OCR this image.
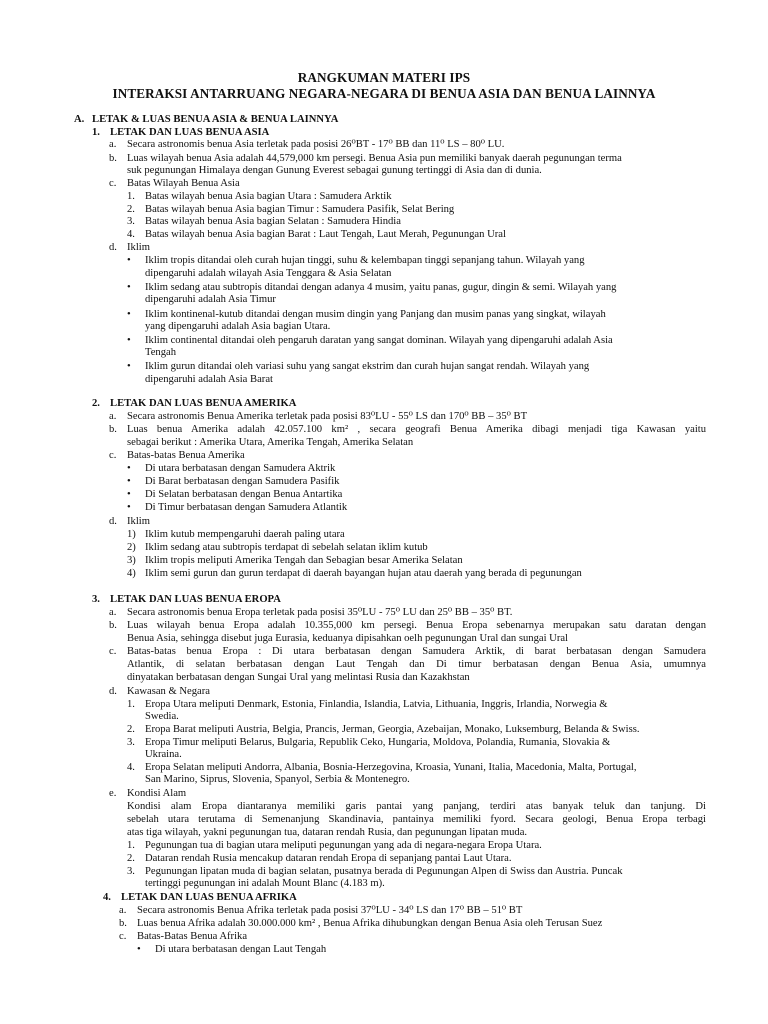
RANGKUMAN MATERI IPS
INTERAKSI ANTARRUANG NEGARA-NEGARA DI BENUA ASIA DAN BENUA LAINNYA
A. LETAK & LUAS BENUA ASIA & BENUA LAINNYA
1. LETAK DAN LUAS BENUA ASIA
a. Secara astronomis benua Asia terletak pada posisi 26⁰BT - 17⁰ BB dan 11⁰ LS – 80⁰ LU.
b. Luas wilayah benua Asia adalah 44,579,000 km persegi. Benua Asia pun memiliki banyak daerah pegunungan terma
suk pegunungan Himalaya dengan Gunung Everest sebagai gunung tertinggi di Asia dan di dunia.
c. Batas Wilayah Benua Asia
1. Batas wilayah benua Asia bagian Utara : Samudera Arktik
2. Batas wilayah benua Asia bagian Timur : Samudera Pasifik, Selat Bering
3. Batas wilayah benua Asia bagian Selatan : Samudera Hindia
4. Batas wilayah benua Asia bagian Barat : Laut Tengah, Laut Merah, Pegunungan Ural
d. Iklim
• Iklim tropis ditandai oleh curah hujan tinggi, suhu & kelembapan tinggi sepanjang tahun. Wilayah yang
dipengaruhi adalah wilayah Asia Tenggara & Asia Selatan
• Iklim sedang atau subtropis ditandai dengan adanya 4 musim, yaitu panas, gugur, dingin & semi. Wilayah yang
dipengaruhi adalah Asia Timur
• Iklim kontinenal-kutub ditandai dengan musim dingin yang Panjang dan musim panas yang singkat, wilayah
yang dipengaruhi adalah Asia bagian Utara.
• Iklim continental ditandai oleh pengaruh daratan yang sangat dominan. Wilayah yang dipengaruhi adalah Asia
Tengah
• Iklim gurun ditandai oleh variasi suhu yang sangat ekstrim dan curah hujan sangat rendah. Wilayah yang
dipengaruhi adalah Asia Barat
2. LETAK DAN LUAS BENUA AMERIKA
a. Secara astronomis Benua Amerika terletak pada posisi 83⁰LU - 55⁰ LS dan 170⁰ BB – 35⁰ BT
b. Luas benua Amerika adalah 42.057.100 km² , secara geografi Benua Amerika dibagi menjadi tiga Kawasan yaitu
sebagai berikut : Amerika Utara, Amerika Tengah, Amerika Selatan
c. Batas-batas Benua Amerika
• Di utara berbatasan dengan Samudera Aktrik
• Di Barat berbatasan dengan Samudera Pasifik
• Di Selatan berbatasan dengan Benua Antartika
• Di Timur berbatasan dengan Samudera Atlantik
d. Iklim
1) Iklim kutub mempengaruhi daerah paling utara
2) Iklim sedang atau subtropis terdapat di sebelah selatan iklim kutub
3) Iklim tropis meliputi Amerika Tengah dan Sebagian besar Amerika Selatan
4) Iklim semi gurun dan gurun terdapat di daerah bayangan hujan atau daerah yang berada di pegunungan
3. LETAK DAN LUAS BENUA EROPA
a. Secara astronomis benua Eropa terletak pada posisi 35⁰LU - 75⁰ LU dan 25⁰ BB – 35⁰ BT.
b. Luas wilayah benua Eropa adalah 10.355,000 km persegi. Benua Eropa sebenarnya merupakan satu daratan dengan
Benua Asia, sehingga disebut juga Eurasia, keduanya dipisahkan oelh pegunungan Ural dan sungai Ural
c. Batas-batas benua Eropa : Di utara berbatasan dengan Samudera Arktik, di barat berbatasan dengan Samudera
Atlantik, di selatan berbatasan dengan Laut Tengah dan Di timur berbatasan dengan Benua Asia, umumnya
dinyatakan berbatasan dengan Sungai Ural yang melintasi Rusia dan Kazakhstan
d. Kawasan & Negara
1. Eropa Utara meliputi Denmark, Estonia, Finlandia, Islandia, Latvia, Lithuania, Inggris, Irlandia, Norwegia &
Swedia.
2. Eropa Barat meliputi Austria, Belgia, Prancis, Jerman, Georgia, Azebaijan, Monako, Luksemburg, Belanda & Swiss.
3. Eropa Timur meliputi Belarus, Bulgaria, Republik Ceko, Hungaria, Moldova, Polandia, Rumania, Slovakia &
Ukraina.
4. Eropa Selatan meliputi Andorra, Albania, Bosnia-Herzegovina, Kroasia, Yunani, Italia, Macedonia, Malta, Portugal,
San Marino, Siprus, Slovenia, Spanyol, Serbia & Montenegro.
e. Kondisi Alam
Kondisi alam Eropa diantaranya memiliki garis pantai yang panjang, terdiri atas banyak teluk dan tanjung. Di
sebelah utara terutama di Semenanjung Skandinavia, pantainya memiliki fyord. Secara geologi, Benua Eropa terbagi
atas tiga wilayah, yakni pegunungan tua, dataran rendah Rusia, dan pegunungan lipatan muda.
1. Pegunungan tua di bagian utara meliputi pegunungan yang ada di negara-negara Eropa Utara.
2. Dataran rendah Rusia mencakup dataran rendah Eropa di sepanjang pantai Laut Utara.
3. Pegunungan lipatan muda di bagian selatan, pusatnya berada di Pegunungan Alpen di Swiss dan Austria. Puncak
tertinggi pegunungan ini adalah Mount Blanc (4.183 m).
4. LETAK DAN LUAS BENUA AFRIKA
a. Secara astronomis Benua Afrika terletak pada posisi 37⁰LU - 34⁰ LS dan 17⁰ BB – 51⁰ BT
b. Luas benua Afrika adalah 30.000.000 km² , Benua Afrika dihubungkan dengan Benua Asia oleh Terusan Suez
c. Batas-Batas Benua Afrika
• Di utara berbatasan dengan Laut Tengah
